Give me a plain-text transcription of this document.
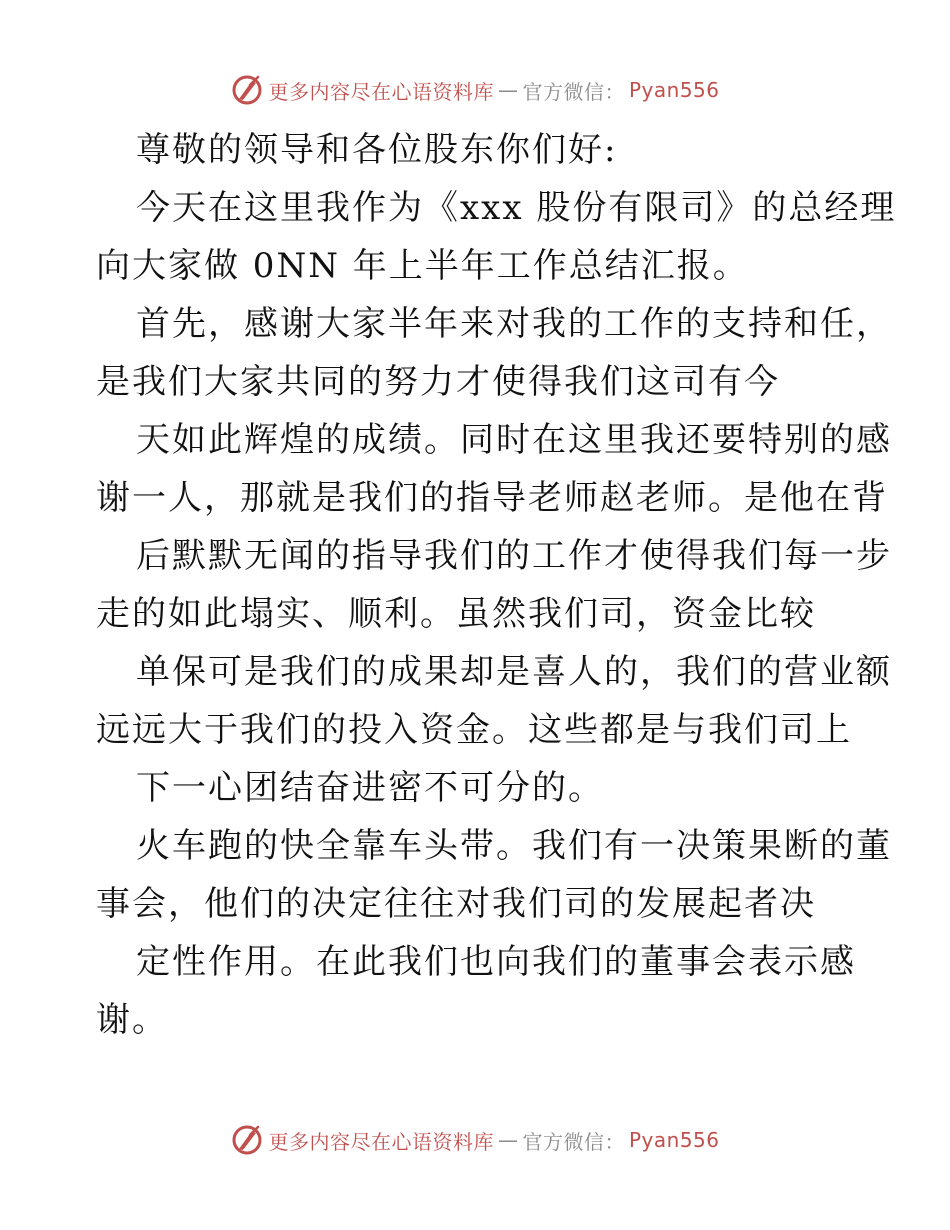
更多内容尽在心语资料库 — 官方微信： Pyan556
尊敬的领导和各位股东你们好:
今天在这里我作为《xxx 股份有限司》的总经理
向大家做 0NN 年上半年工作总结汇报。
首先，感谢大家半年来对我的工作的支持和任，
是我们大家共同的努力才使得我们这司有今
天如此辉煌的成绩。同时在这里我还要特别的感
谢一人，那就是我们的指导老师赵老师。是他在背
后默默无闻的指导我们的工作才使得我们每一步
走的如此塌实、顺利。虽然我们司，资金比较
单保可是我们的成果却是喜人的，我们的营业额
远远大于我们的投入资金。这些都是与我们司上
下一心团结奋进密不可分的。
火车跑的快全靠车头带。我们有一决策果断的董
事会，他们的决定往往对我们司的发展起者决
定性作用。在此我们也向我们的董事会表示感
谢。
更多内容尽在心语资料库 — 官方微信： Pyan556
